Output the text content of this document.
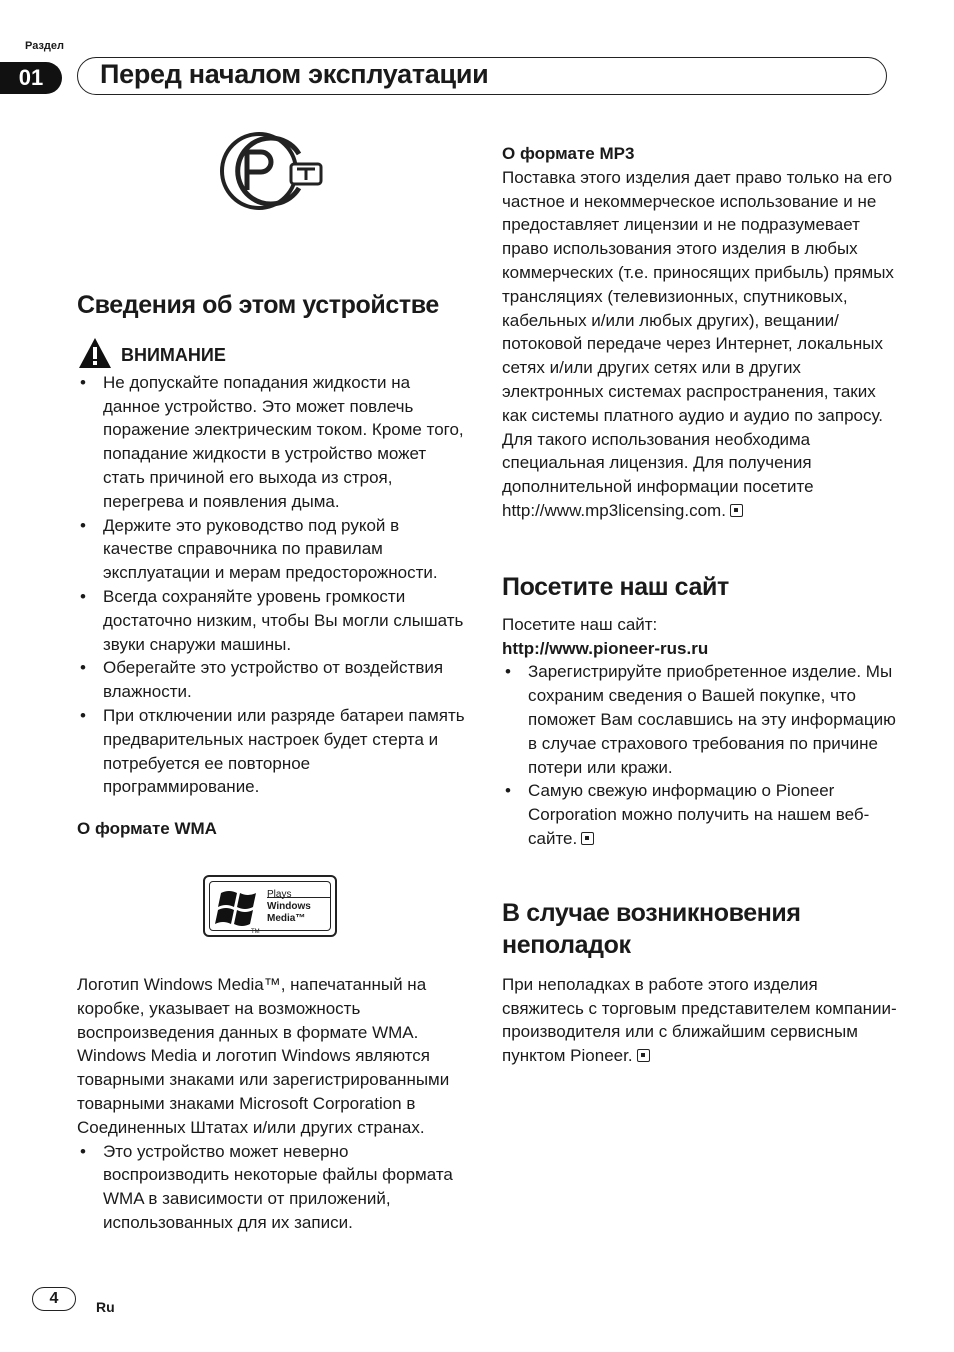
Раздел
01	Перед началом эксплуатации
РСТ
Сведения об этом устройстве
ВНИМАНИЕ
• Не допускайте попадания жидкости на данное устройство. Это может повлечь поражение электрическим током. Кроме того, попадание жидкости в устройство может стать причиной его выхода из строя, перегрева и появления дыма.
• Держите это руководство под рукой в качестве справочника по правилам эксплуатации и мерам предосторожности.
• Всегда сохраняйте уровень громкости достаточно низким, чтобы Вы могли слышать звуки снаружи машины.
• Оберегайте это устройство от воздействия влажности.
• При отключении или разряде батареи память предварительных настроек будет стерта и потребуется ее повторное программирование.
О формате WMA
Plays
Windows
Media™
TM

Логотип Windows Media™, напечатанный на коробке, указывает на возможность воспроизведения данных в формате WMA. Windows Media и логотип Windows являются товарными знаками или зарегистрированными товарными знаками Microsoft Corporation в Соединенных Штатах и/или других странах.

• Это устройство может неверно воспроизводить некоторые файлы формата WMA в зависимости от приложений, использованных для их записи.
О формате MP3

Поставка этого изделия дает право только на его частное и некоммерческое использование и не предоставляет лицензии и не подразумевает право использования этого изделия в любых коммерческих (т.е. приносящих прибыль) прямых трансляциях (телевизионных, спутниковых, кабельных и/или любых других), вещании/потоковой передаче через Интернет, локальных сетях и/или других сетях или в других электронных системах распространения, таких как системы платного аудио и аудио по запросу. Для такого использования необходима специальная лицензия. Для получения дополнительной информации посетите http://www.mp3licensing.com.

Посетите наш сайт
Посетите наш сайт:
http://www.pioneer-rus.ru
• Зарегистрируйте приобретенное изделие. Мы сохраним сведения о Вашей покупке, что поможет Вам сославшись на эту информацию в случае страхового требования по причине потери или кражи.
• Самую свежую информацию о Pioneer Corporation можно получить на нашем веб-сайте.
В случае возникновения неполадок

При неполадках в работе этого изделия свяжитесь с торговым представителем компании-производителя или с ближайшим сервисным пунктом Pioneer.

4	Ru
